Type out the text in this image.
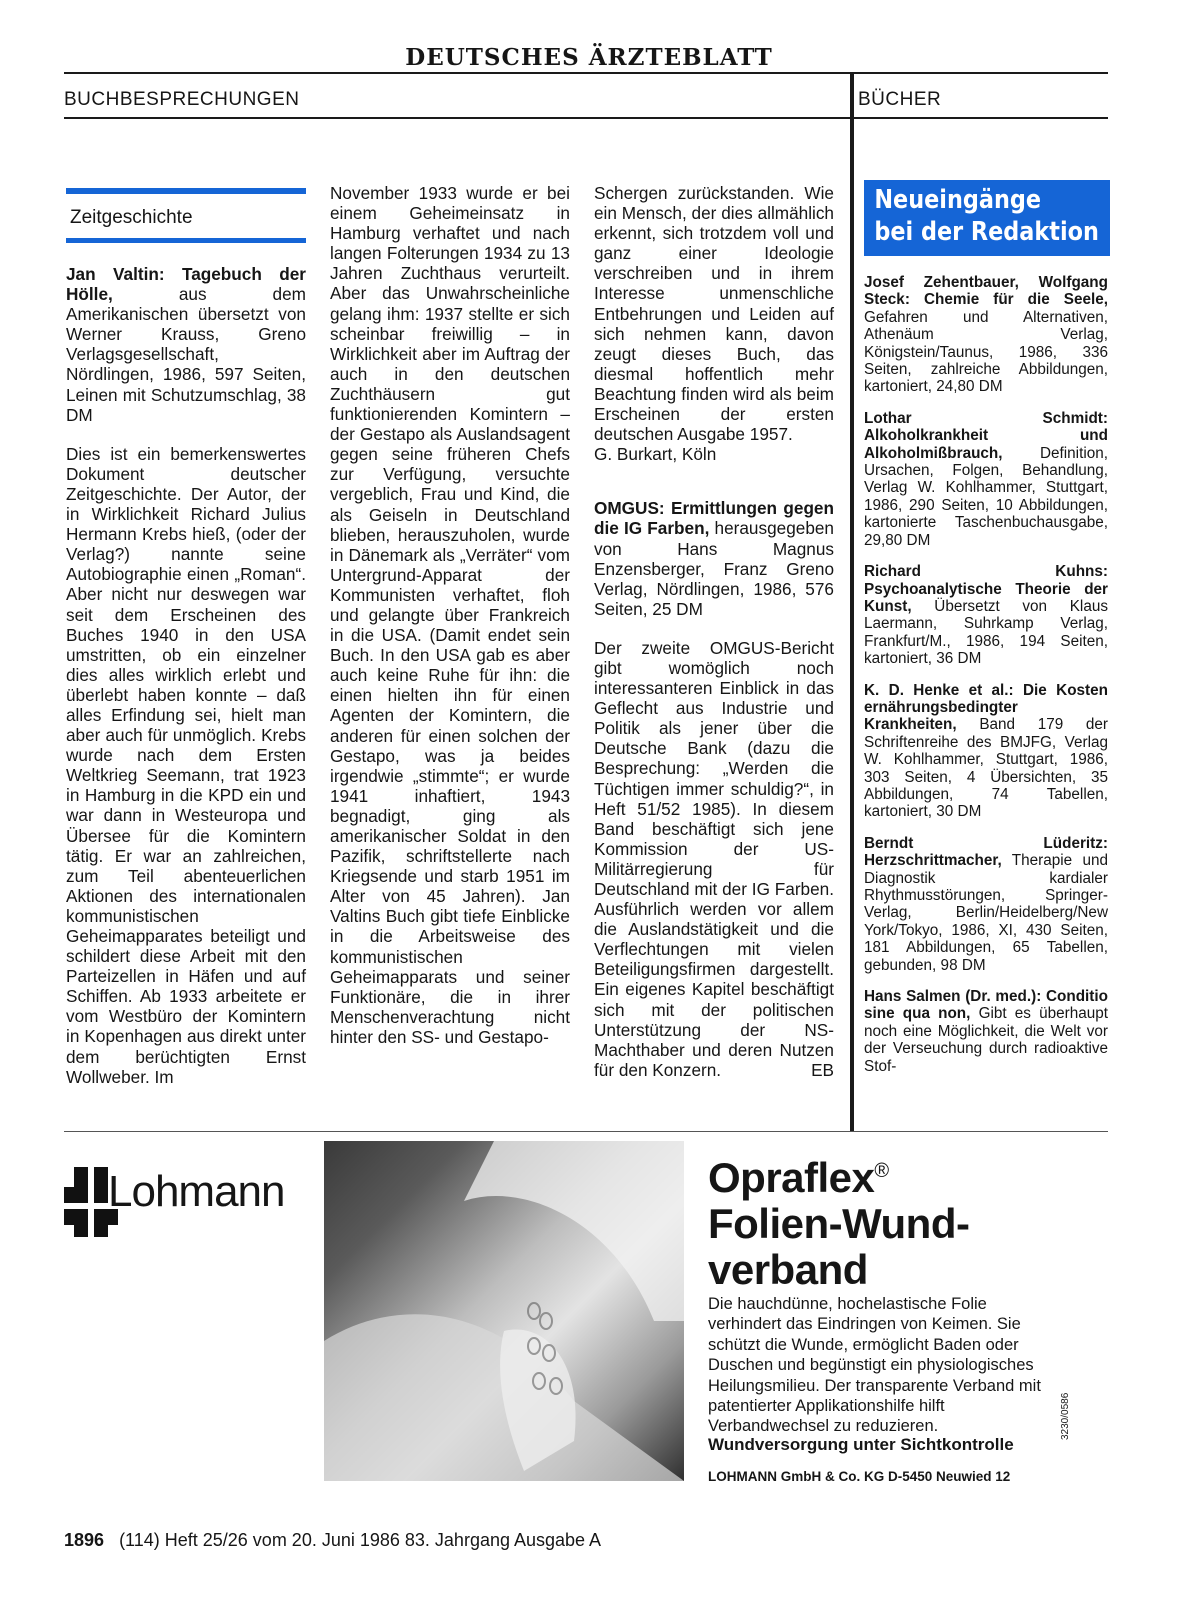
DEUTSCHES ÄRZTEBLATT
BUCHBESPRECHUNGEN	BÜCHER
Zeitgeschichte

Jan Valtin: Tagebuch der Hölle, aus dem Amerikanischen übersetzt von Werner Krauss, Greno Verlagsgesellschaft, Nördlingen, 1986, 597 Seiten, Leinen mit Schutzumschlag, 38 DM

Dies ist ein bemerkenswertes Dokument deutscher Zeitgeschichte. Der Autor, der in Wirklichkeit Richard Julius Hermann Krebs hieß, (oder der Verlag?) nannte seine Autobiographie einen „Roman“. Aber nicht nur deswegen war seit dem Erscheinen des Buches 1940 in den USA umstritten, ob ein einzelner dies alles wirklich erlebt und überlebt haben konnte – daß alles Erfindung sei, hielt man aber auch für unmöglich. Krebs wurde nach dem Ersten Weltkrieg Seemann, trat 1923 in Hamburg in die KPD ein und war dann in Westeuropa und Übersee für die Komintern tätig. Er war an zahlreichen, zum Teil abenteuerlichen Aktionen des internationalen kommunistischen Geheimapparates beteiligt und schildert diese Arbeit mit den Parteizellen in Häfen und auf Schiffen. Ab 1933 arbeitete er vom Westbüro der Komintern in Kopenhagen aus direkt unter dem berüchtigten Ernst Wollweber. Im

November 1933 wurde er bei einem Geheimeinsatz in Hamburg verhaftet und nach langen Folterungen 1934 zu 13 Jahren Zuchthaus verurteilt. Aber das Unwahrscheinliche gelang ihm: 1937 stellte er sich scheinbar freiwillig – in Wirklichkeit aber im Auftrag der auch in den deutschen Zuchthäusern gut funktionierenden Komintern – der Gestapo als Auslandsagent gegen seine früheren Chefs zur Verfügung, versuchte vergeblich, Frau und Kind, die als Geiseln in Deutschland blieben, herauszuholen, wurde in Dänemark als „Verräter“ vom Untergrund-Apparat der Kommunisten verhaftet, floh und gelangte über Frankreich in die USA. (Damit endet sein Buch. In den USA gab es aber auch keine Ruhe für ihn: die einen hielten ihn für einen Agenten der Komintern, die anderen für einen solchen der Gestapo, was ja beides irgendwie „stimmte“; er wurde 1941 inhaftiert, 1943 begnadigt, ging als amerikanischer Soldat in den Pazifik, schriftstellerte nach Kriegsende und starb 1951 im Alter von 45 Jahren). Jan Valtins Buch gibt tiefe Einblicke in die Arbeitsweise des kommunistischen Geheimapparats und seiner Funktionäre, die in ihrer Menschenverachtung nicht hinter den SS- und Gestapo-

Schergen zurückstanden. Wie ein Mensch, der dies allmählich erkennt, sich trotzdem voll und ganz einer Ideologie verschreiben und in ihrem Interesse unmenschliche Entbehrungen und Leiden auf sich nehmen kann, davon zeugt dieses Buch, das diesmal hoffentlich mehr Beachtung finden wird als beim Erscheinen der ersten deutschen Ausgabe 1957.

G. Burkart, Köln

OMGUS: Ermittlungen gegen die IG Farben, herausgegeben von Hans Magnus Enzensberger, Franz Greno Verlag, Nördlingen, 1986, 576 Seiten, 25 DM

Der zweite OMGUS-Bericht gibt womöglich noch interessanteren Einblick in das Geflecht aus Industrie und Politik als jener über die Deutsche Bank (dazu die Besprechung: „Werden die Tüchtigen immer schuldig?“, in Heft 51/52 1985). In diesem Band beschäftigt sich jene Kommission der US-Militärregierung für Deutschland mit der IG Farben. Ausführlich werden vor allem die Auslandstätigkeit und die Verflechtungen mit vielen Beteiligungsfirmen dargestellt. Ein eigenes Kapitel beschäftigt sich mit der politischen Unterstützung der NS-Machthaber und deren Nutzen für den Konzern.	EB

Neueingänge
bei der Redaktion

Josef Zehentbauer, Wolfgang Steck: Chemie für die Seele, Gefahren und Alternativen, Athenäum Verlag, Königstein/Taunus, 1986, 336 Seiten, zahlreiche Abbildungen, kartoniert, 24,80 DM

Lothar Schmidt: Alkoholkrankheit und Alkoholmißbrauch, Definition, Ursachen, Folgen, Behandlung, Verlag W. Kohlhammer, Stuttgart, 1986, 290 Seiten, 10 Abbildungen, kartonierte Taschenbuchausgabe, 29,80 DM

Richard Kuhns: Psychoanalytische Theorie der Kunst, Übersetzt von Klaus Laermann, Suhrkamp Verlag, Frankfurt/M., 1986, 194 Seiten, kartoniert, 36 DM

K. D. Henke et al.: Die Kosten ernährungsbedingter Krankheiten, Band 179 der Schriftenreihe des BMJFG, Verlag W. Kohlhammer, Stuttgart, 1986, 303 Seiten, 4 Übersichten, 35 Abbildungen, 74 Tabellen, kartoniert, 30 DM

Berndt Lüderitz: Herzschrittmacher, Therapie und Diagnostik kardialer Rhythmusstörungen, Springer-Verlag, Berlin/Heidelberg/New York/Tokyo, 1986, XI, 430 Seiten, 181 Abbildungen, 65 Tabellen, gebunden, 98 DM

Hans Salmen (Dr. med.): Conditio sine qua non, Gibt es überhaupt noch eine Möglichkeit, die Welt vor der Verseuchung durch radioaktive Stof-

Lohmann	Opraflex®
Folien-Wund-
verband
Die hauchdünne, hochelastische Folie verhindert das Eindringen von Keimen. Sie schützt die Wunde, ermöglicht Baden oder Duschen und begünstigt ein physiologisches Heilungsmilieu. Der transparente Verband mit patentierter Applikationshilfe hilft Verbandwechsel zu reduzieren.
Wundversorgung unter Sichtkontrolle
LOHMANN GmbH & Co. KG D-5450 Neuwied 12
3230/0586
1896 (114) Heft 25/26 vom 20. Juni 1986 83. Jahrgang Ausgabe A
